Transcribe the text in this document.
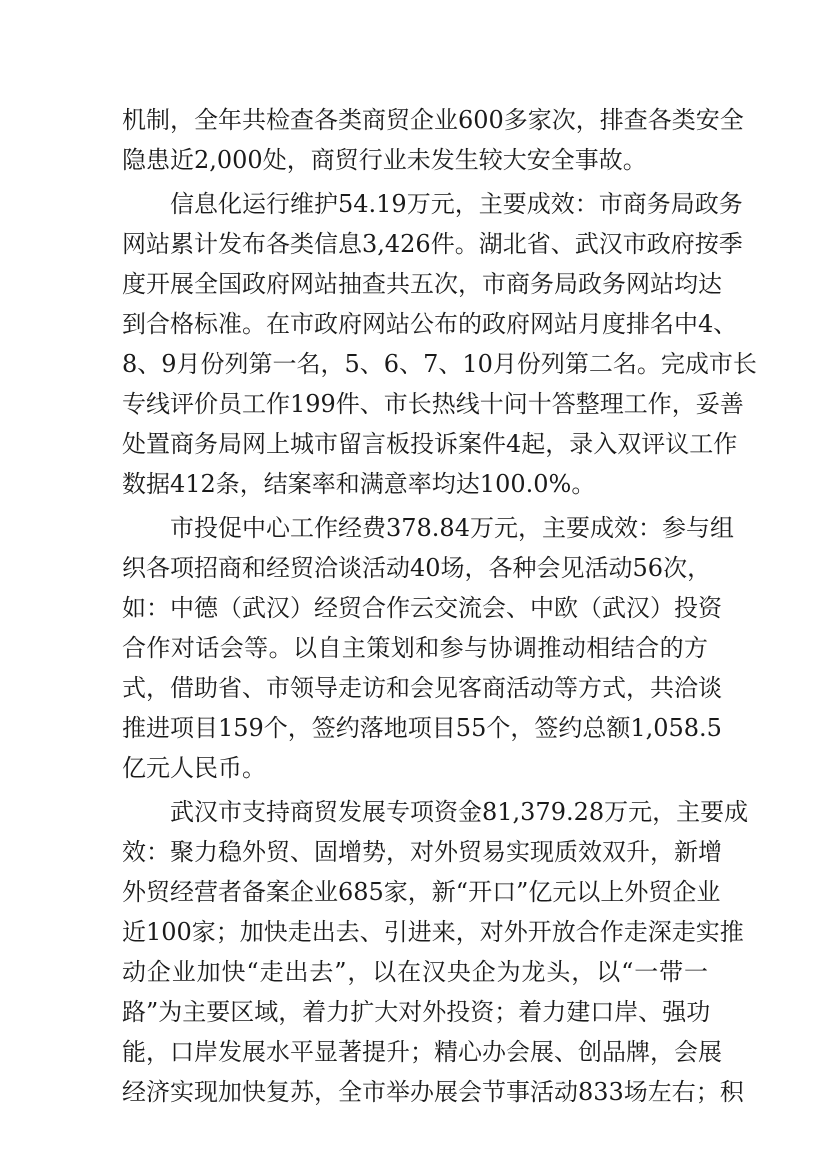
机制，全年共检查各类商贸企业600多家次，排查各类安全
隐患近2,000处，商贸行业未发生较大安全事故。
信息化运行维护54.19万元，主要成效：市商务局政务
网站累计发布各类信息3,426件。湖北省、武汉市政府按季
度开展全国政府网站抽查共五次，市商务局政务网站均达
到合格标准。在市政府网站公布的政府网站月度排名中4、
8、9月份列第一名，5、6、7、10月份列第二名。完成市长
专线评价员工作199件、市长热线十问十答整理工作，妥善
处置商务局网上城市留言板投诉案件4起，录入双评议工作
数据412条，结案率和满意率均达100.0%。
市投促中心工作经费378.84万元，主要成效：参与组
织各项招商和经贸洽谈活动40场，各种会见活动56次，
如：中德（武汉）经贸合作云交流会、中欧（武汉）投资
合作对话会等。以自主策划和参与协调推动相结合的方
式，借助省、市领导走访和会见客商活动等方式，共洽谈
推进项目159个，签约落地项目55个，签约总额1,058.5
亿元人民币。
武汉市支持商贸发展专项资金81,379.28万元，主要成
效：聚力稳外贸、固增势，对外贸易实现质效双升，新增
外贸经营者备案企业685家，新“开口”亿元以上外贸企业
近100家；加快走出去、引进来，对外开放合作走深走实推
动企业加快“走出去”，以在汉央企为龙头，以“一带一
路”为主要区域，着力扩大对外投资；着力建口岸、强功
能，口岸发展水平显著提升；精心办会展、创品牌，会展
经济实现加快复苏，全市举办展会节事活动833场左右；积
